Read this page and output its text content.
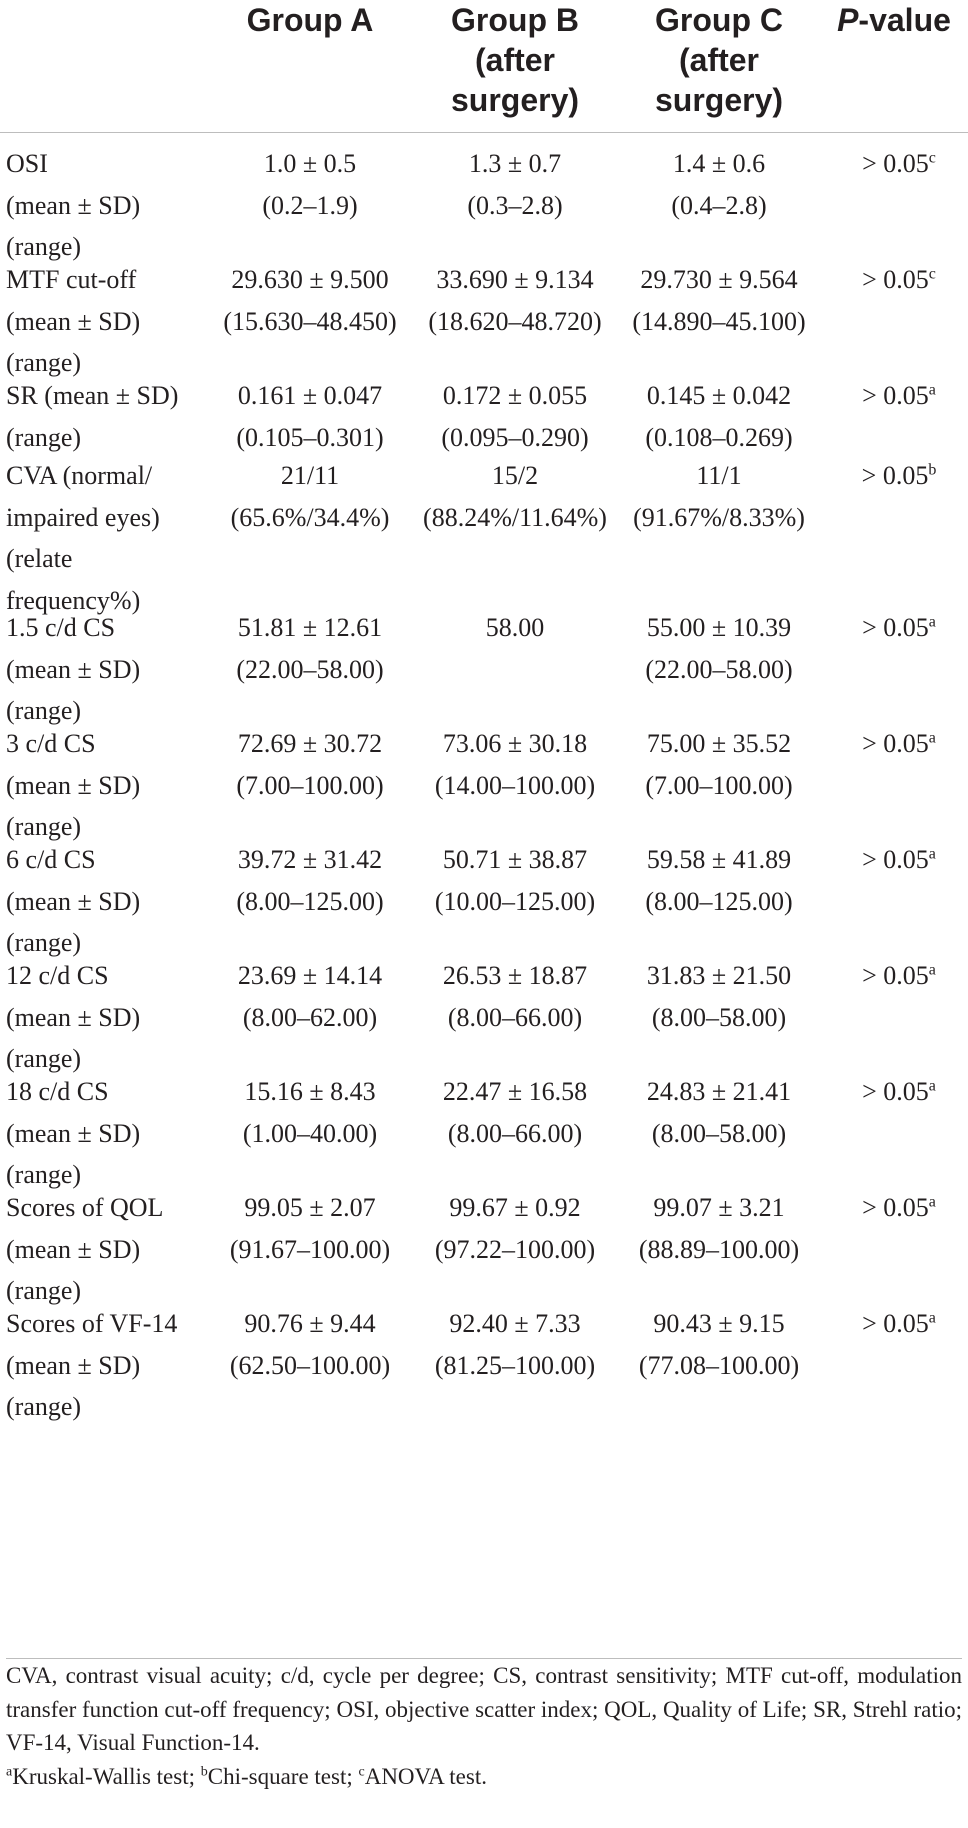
Group A	Group B
(after
surgery)
Group C
(after
surgery)
P-value
OSI
(mean ± SD)
(range)
1.0 ± 0.5
(0.2–1.9)
1.3 ± 0.7
(0.3–2.8)
1.4 ± 0.6
(0.4–2.8)
> 0.05$^c$
MTF cut-off
(mean ± SD)
(range)
29.630 ± 9.500
(15.630–48.450)
33.690 ± 9.134
(18.620–48.720)
29.730 ± 9.564
(14.890–45.100)
> 0.05$^c$
SR (mean ± SD)
(range)
0.161 ± 0.047
(0.105–0.301)
0.172 ± 0.055
(0.095–0.290)
0.145 ± 0.042
(0.108–0.269)
> 0.05$^a$
CVA (normal/
impaired eyes)
(relate
frequency%)
21/11
(65.6%/34.4%)
15/2
(88.24%/11.64%)
11/1
(91.67%/8.33%)
> 0.05$^b$
1.5 c/d CS
(mean ± SD)
(range)
51.81 ± 12.61
(22.00–58.00)
58.00	55.00 ± 10.39
(22.00–58.00)
> 0.05$^a$
3 c/d CS
(mean ± SD)
(range)
72.69 ± 30.72
(7.00–100.00)
73.06 ± 30.18
(14.00–100.00)
75.00 ± 35.52
(7.00–100.00)
> 0.05$^a$
6 c/d CS
(mean ± SD)
(range)
39.72 ± 31.42
(8.00–125.00)
50.71 ± 38.87
(10.00–125.00)
59.58 ± 41.89
(8.00–125.00)
> 0.05$^a$
12 c/d CS
(mean ± SD)
(range)
23.69 ± 14.14
(8.00–62.00)
26.53 ± 18.87
(8.00–66.00)
31.83 ± 21.50
(8.00–58.00)
> 0.05$^a$
18 c/d CS
(mean ± SD)
(range)
15.16 ± 8.43
(1.00–40.00)
22.47 ± 16.58
(8.00–66.00)
24.83 ± 21.41
(8.00–58.00)
> 0.05$^a$
Scores of QOL
(mean ± SD)
(range)
99.05 ± 2.07
(91.67–100.00)
99.67 ± 0.92
(97.22–100.00)
99.07 ± 3.21
(88.89–100.00)
> 0.05$^a$
Scores of VF-14
(mean ± SD)
(range)
90.76 ± 9.44
(62.50–100.00)
92.40 ± 7.33
(81.25–100.00)
90.43 ± 9.15
(77.08–100.00)
> 0.05$^a$

CVA, contrast visual acuity; c/d, cycle per degree; CS, contrast sensitivity; MTF cut-off, modulation transfer function cut-off frequency; OSI, objective scatter index; QOL, Quality of Life; SR, Strehl ratio; VF-14, Visual Function-14.

$^a$Kruskal-Wallis test; $^b$Chi-square test; $^c$ANOVA test.
